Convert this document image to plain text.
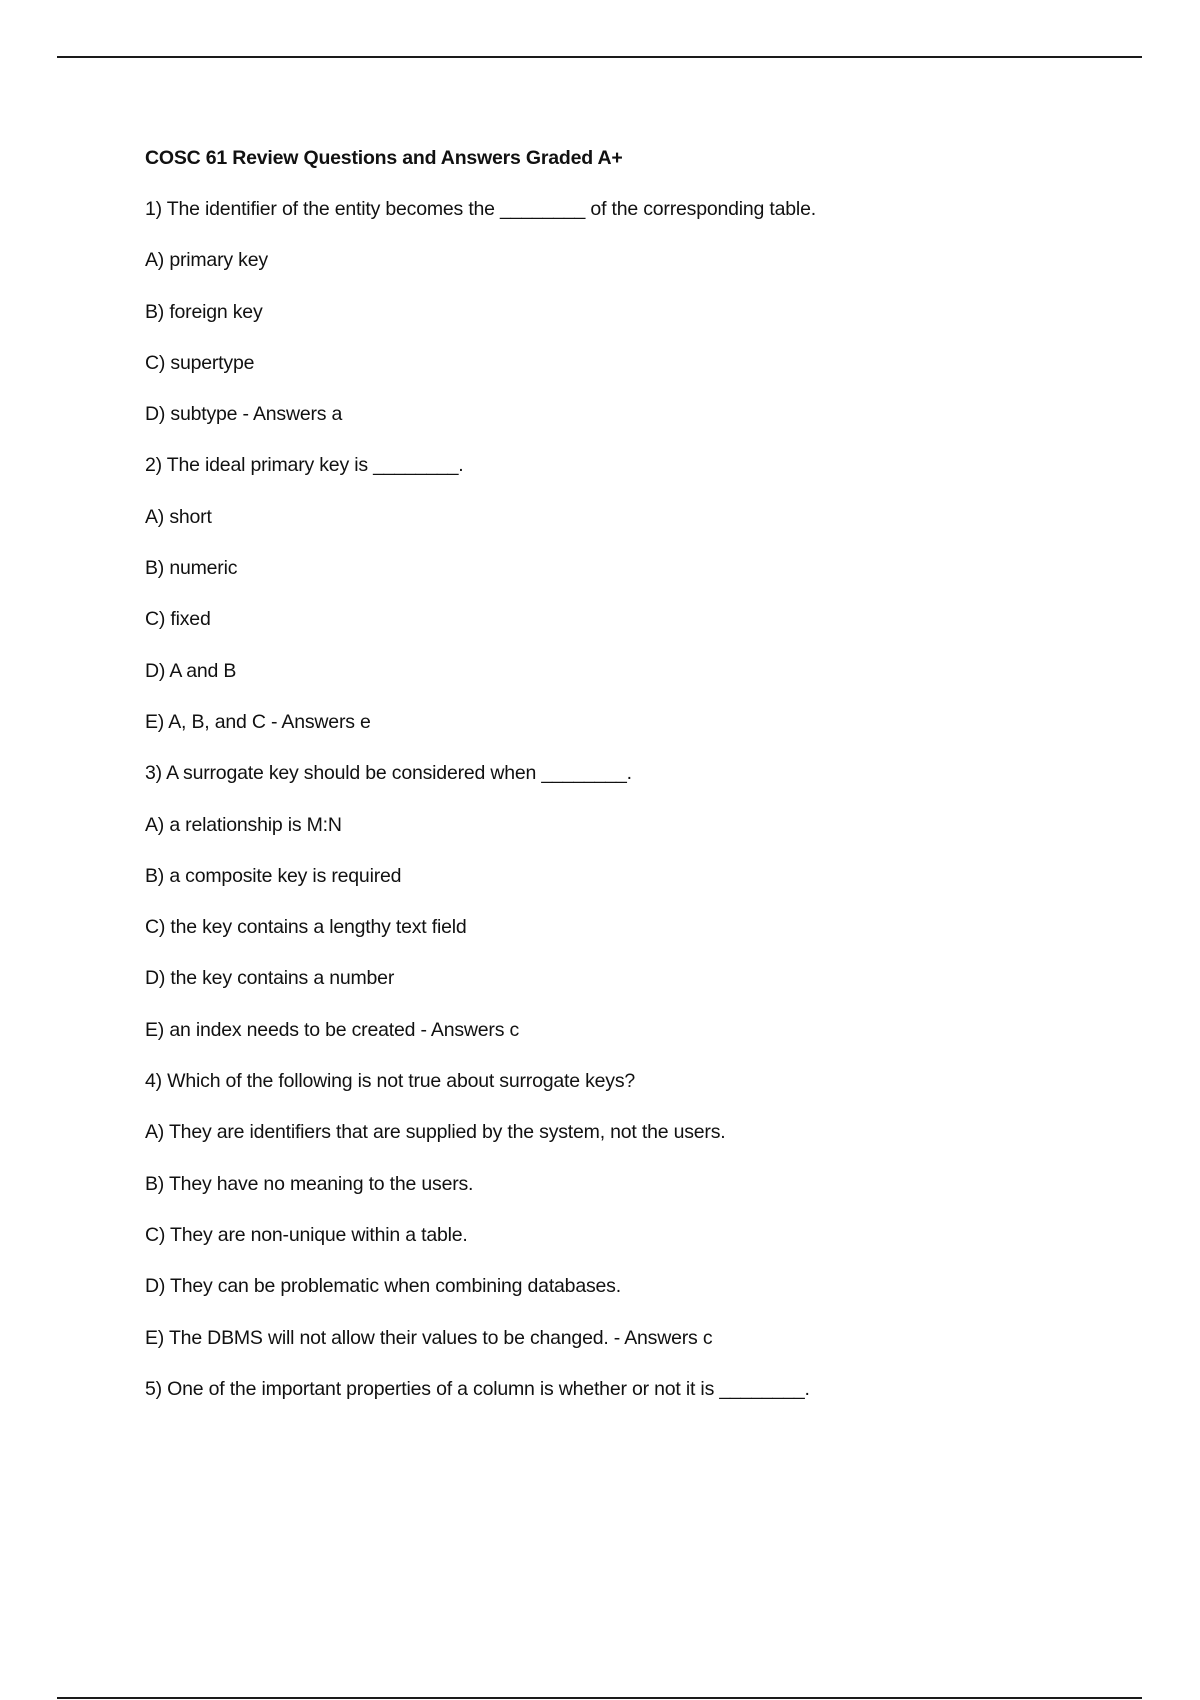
COSC 61 Review Questions and Answers Graded A+
1) The identifier of the entity becomes the ________ of the corresponding table.
A) primary key
B) foreign key
C) supertype
D) subtype - Answers a
2) The ideal primary key is ________.
A) short
B) numeric
C) fixed
D) A and B
E) A, B, and C - Answers e
3) A surrogate key should be considered when ________.
A) a relationship is M:N
B) a composite key is required
C) the key contains a lengthy text field
D) the key contains a number
E) an index needs to be created - Answers c
4) Which of the following is not true about surrogate keys?
A) They are identifiers that are supplied by the system, not the users.
B) They have no meaning to the users.
C) They are non-unique within a table.
D) They can be problematic when combining databases.
E) The DBMS will not allow their values to be changed. - Answers c
5) One of the important properties of a column is whether or not it is ________.
